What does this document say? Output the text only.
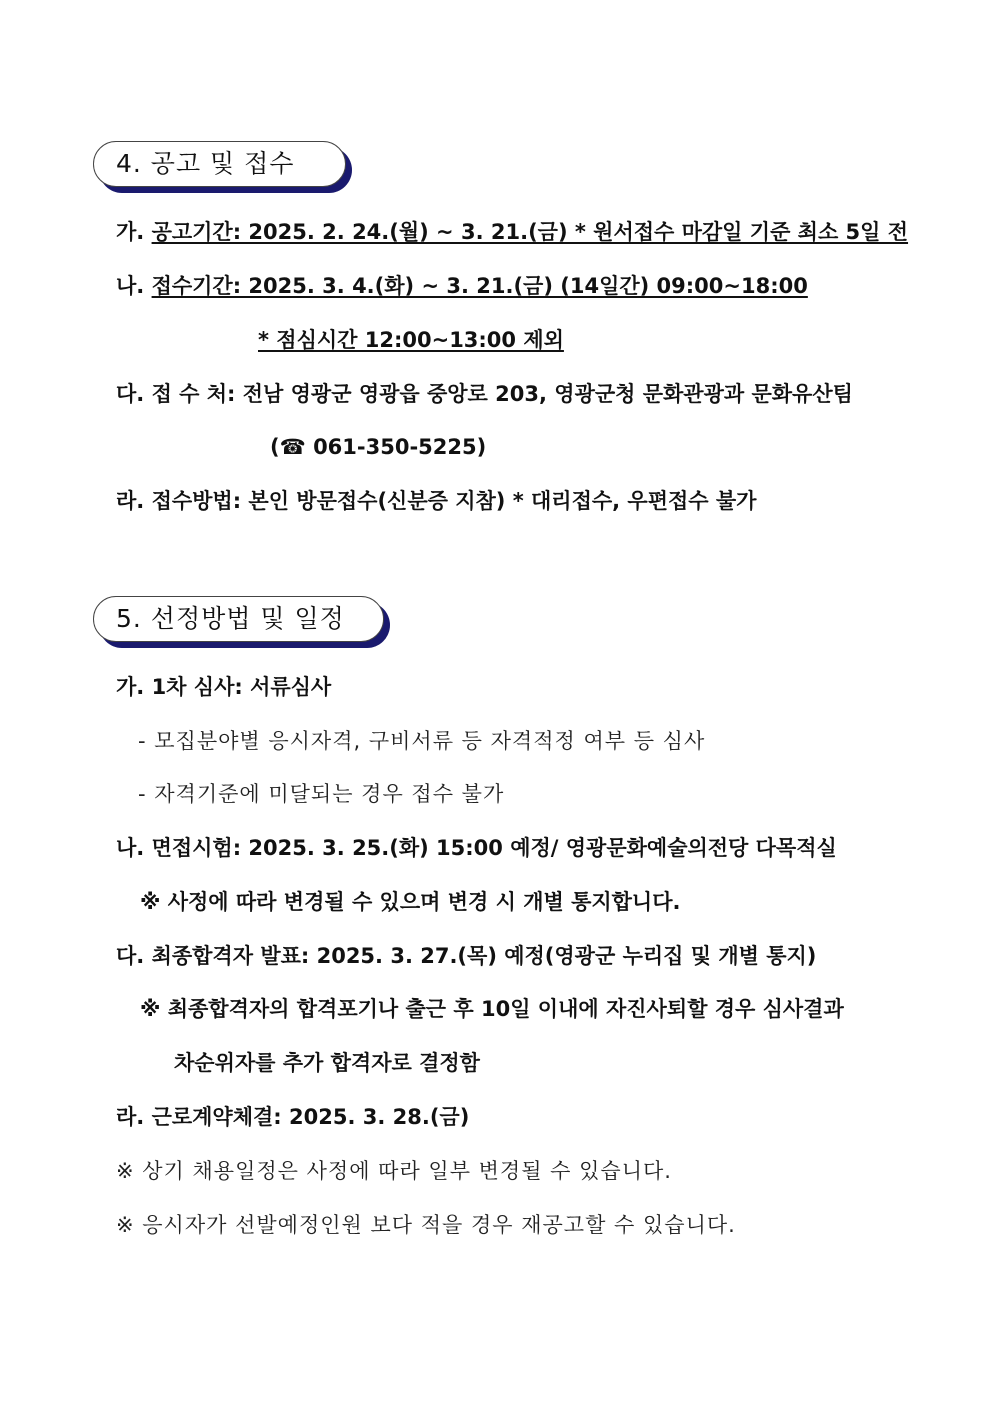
4. 공고 및 접수
가. 공고기간: 2025. 2. 24.(월) ~ 3. 21.(금) * 원서접수 마감일 기준 최소 5일 전
나. 접수기간: 2025. 3. 4.(화) ~ 3. 21.(금) (14일간) 09:00~18:00
* 점심시간 12:00~13:00 제외
다. 접 수 처: 전남 영광군 영광읍 중앙로 203, 영광군청 문화관광과 문화유산팀
(☎ 061-350-5225)
라. 접수방법: 본인 방문접수(신분증 지참) * 대리접수, 우편접수 불가
5. 선정방법 및 일정
가. 1차 심사: 서류심사
- 모집분야별 응시자격, 구비서류 등 자격적정 여부 등 심사
- 자격기준에 미달되는 경우 접수 불가
나. 면접시험: 2025. 3. 25.(화) 15:00 예정/ 영광문화예술의전당 다목적실
※ 사정에 따라 변경될 수 있으며 변경 시 개별 통지합니다.
다. 최종합격자 발표: 2025. 3. 27.(목) 예정(영광군 누리집 및 개별 통지)
※ 최종합격자의 합격포기나 출근 후 10일 이내에 자진사퇴할 경우 심사결과
차순위자를 추가 합격자로 결정함
라. 근로계약체결: 2025. 3. 28.(금)
※ 상기 채용일정은 사정에 따라 일부 변경될 수 있습니다.
※ 응시자가 선발예정인원 보다 적을 경우 재공고할 수 있습니다.
